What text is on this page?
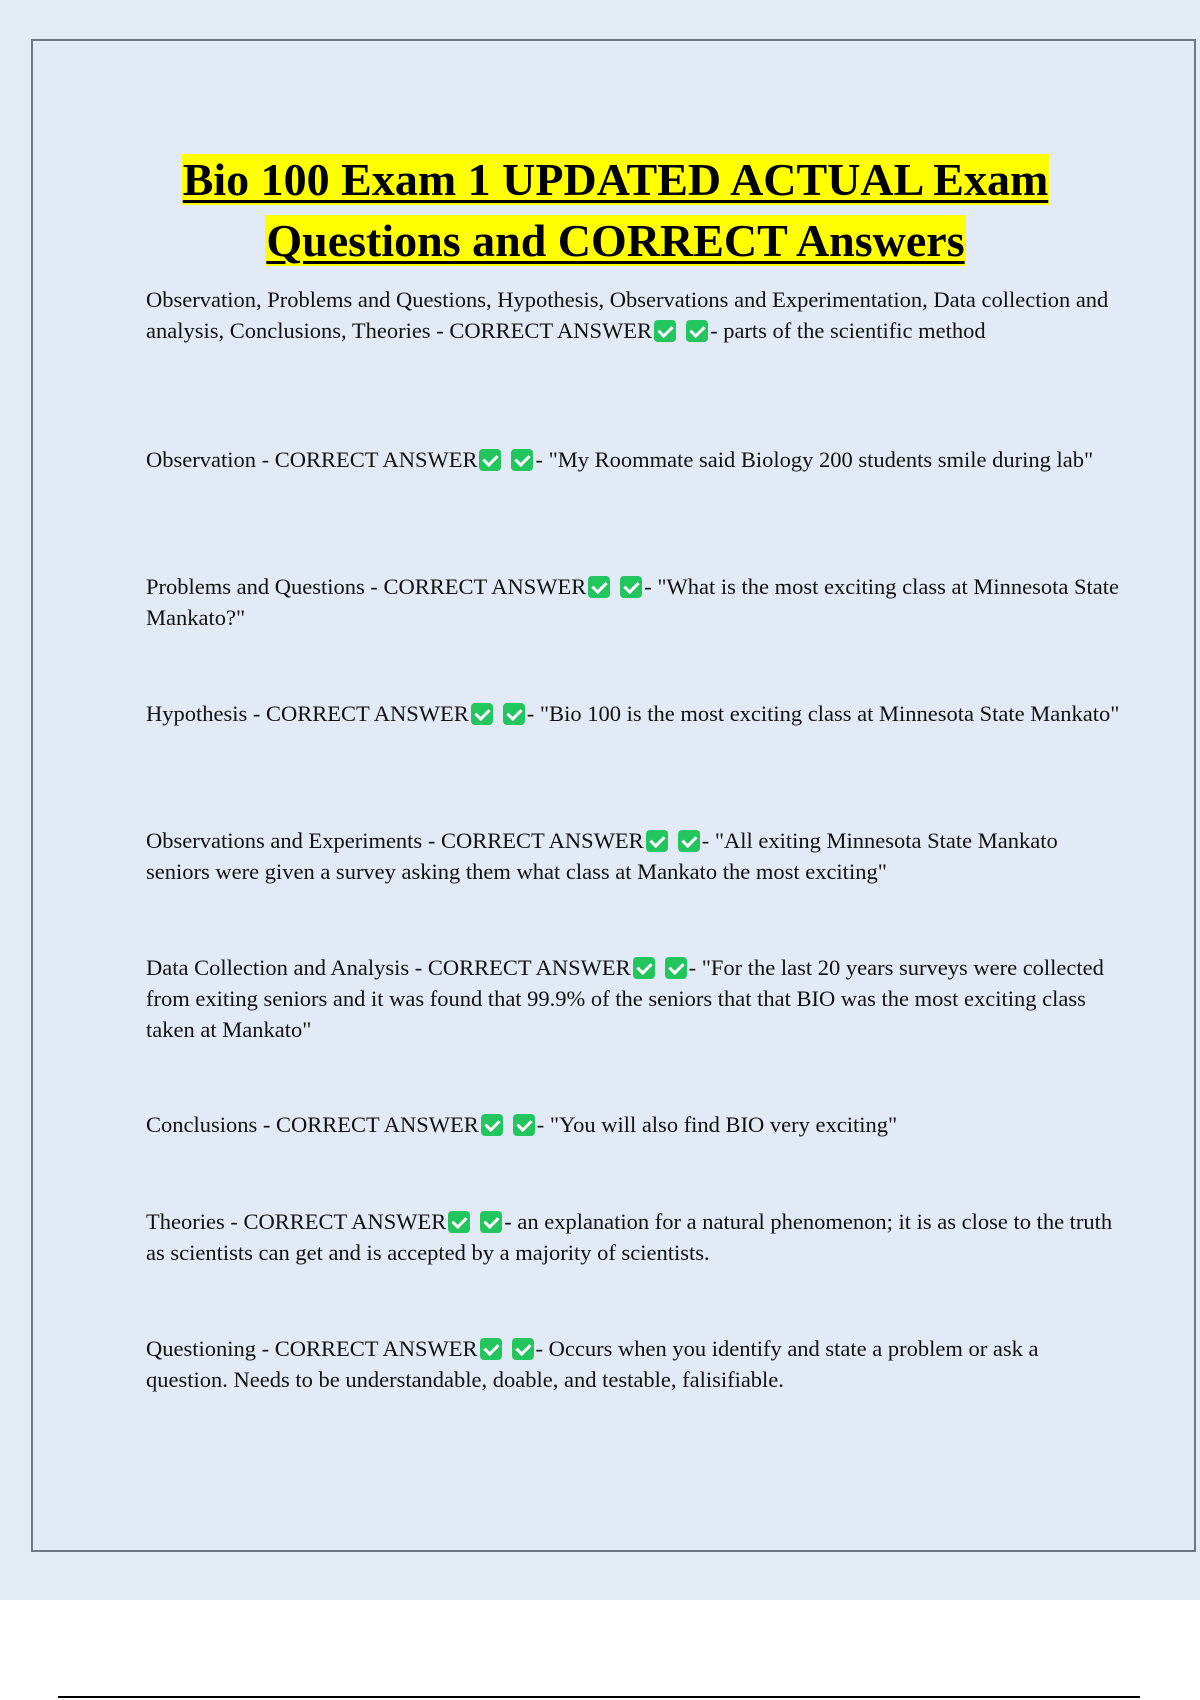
Bio 100 Exam 1 UPDATED ACTUAL Exam
Questions and CORRECT Answers

Observation, Problems and Questions, Hypothesis, Observations and Experimentation, Data collection and analysis, Conclusions, Theories - CORRECT ANSWER	- parts of the scientific method

Observation - CORRECT ANSWER	- "My Roommate said Biology 200 students smile during lab"

Problems and Questions - CORRECT ANSWER	- "What is the most exciting class at Minnesota State Mankato?"

Hypothesis - CORRECT ANSWER	- "Bio 100 is the most exciting class at Minnesota State Mankato"

Observations and Experiments - CORRECT ANSWER	- "All exiting Minnesota State Mankato seniors were given a survey asking them what class at Mankato the most exciting"

Data Collection and Analysis - CORRECT ANSWER	- "For the last 20 years surveys were collected from exiting seniors and it was found that 99.9% of the seniors that that BIO was the most exciting class taken at Mankato"

Conclusions - CORRECT ANSWER	- "You will also find BIO very exciting"

Theories - CORRECT ANSWER	- an explanation for a natural phenomenon; it is as close to the truth as scientists can get and is accepted by a majority of scientists.

Questioning - CORRECT ANSWER	- Occurs when you identify and state a problem or ask a question. Needs to be understandable, doable, and testable, falisifiable.
